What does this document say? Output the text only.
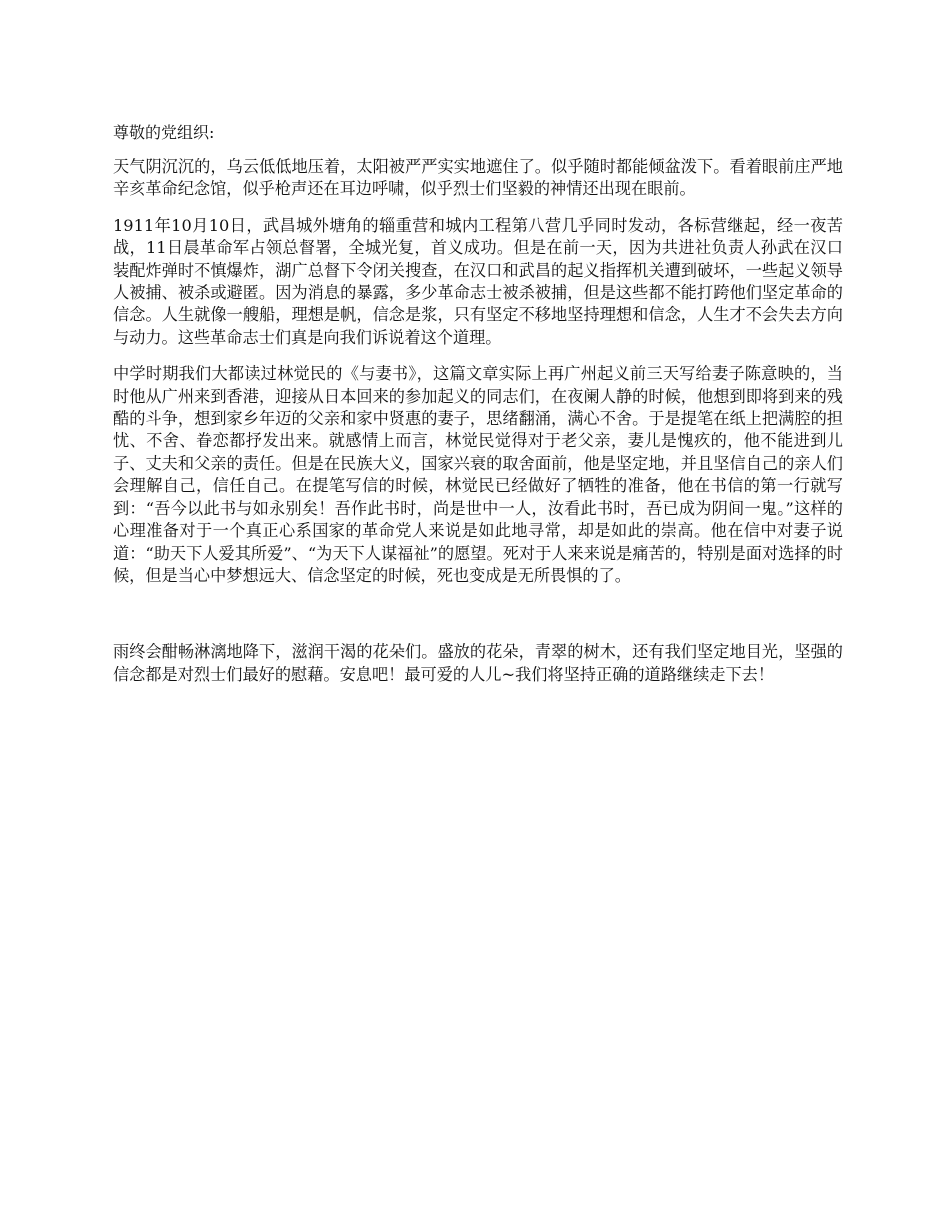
尊敬的党组织:

天气阴沉沉的，乌云低低地压着，太阳被严严实实地遮住了。似乎随时都能倾盆泼下。看着眼前庄严地辛亥革命纪念馆，似乎枪声还在耳边呼啸，似乎烈士们坚毅的神情还出现在眼前。

1911年10月10日，武昌城外塘角的辎重营和城内工程第八营几乎同时发动，各标营继起，经一夜苦战，11日晨革命军占领总督署，全城光复，首义成功。但是在前一天，因为共进社负责人孙武在汉口装配炸弹时不慎爆炸，湖广总督下令闭关搜查，在汉口和武昌的起义指挥机关遭到破坏，一些起义领导人被捕、被杀或避匿。因为消息的暴露，多少革命志士被杀被捕，但是这些都不能打跨他们坚定革命的信念。人生就像一艘船，理想是帆，信念是浆，只有坚定不移地坚持理想和信念，人生才不会失去方向与动力。这些革命志士们真是向我们诉说着这个道理。

中学时期我们大都读过林觉民的《与妻书》，这篇文章实际上再广州起义前三天写给妻子陈意映的，当时他从广州来到香港，迎接从日本回来的参加起义的同志们，在夜阑人静的时候，他想到即将到来的残酷的斗争，想到家乡年迈的父亲和家中贤惠的妻子，思绪翻涌，满心不舍。于是提笔在纸上把满腔的担忧、不舍、眷恋都抒发出来。就感情上而言，林觉民觉得对于老父亲，妻儿是愧疚的，他不能进到儿子、丈夫和父亲的责任。但是在民族大义，国家兴衰的取舍面前，他是坚定地，并且坚信自己的亲人们会理解自己，信任自己。在提笔写信的时候，林觉民已经做好了牺牲的准备，他在书信的第一行就写到：“吾今以此书与如永别矣！吾作此书时，尚是世中一人，汝看此书时，吾已成为阴间一鬼。”这样的心理准备对于一个真正心系国家的革命党人来说是如此地寻常，却是如此的崇高。他在信中对妻子说道：“助天下人爱其所爱”、“为天下人谋福祉”的愿望。死对于人来来说是痛苦的，特别是面对选择的时候，但是当心中梦想远大、信念坚定的时候，死也变成是无所畏惧的了。

雨终会酣畅淋漓地降下，滋润干渴的花朵们。盛放的花朵，青翠的树木，还有我们坚定地目光，坚强的信念都是对烈士们最好的慰藉。安息吧！最可爱的人儿~我们将坚持正确的道路继续走下去！
